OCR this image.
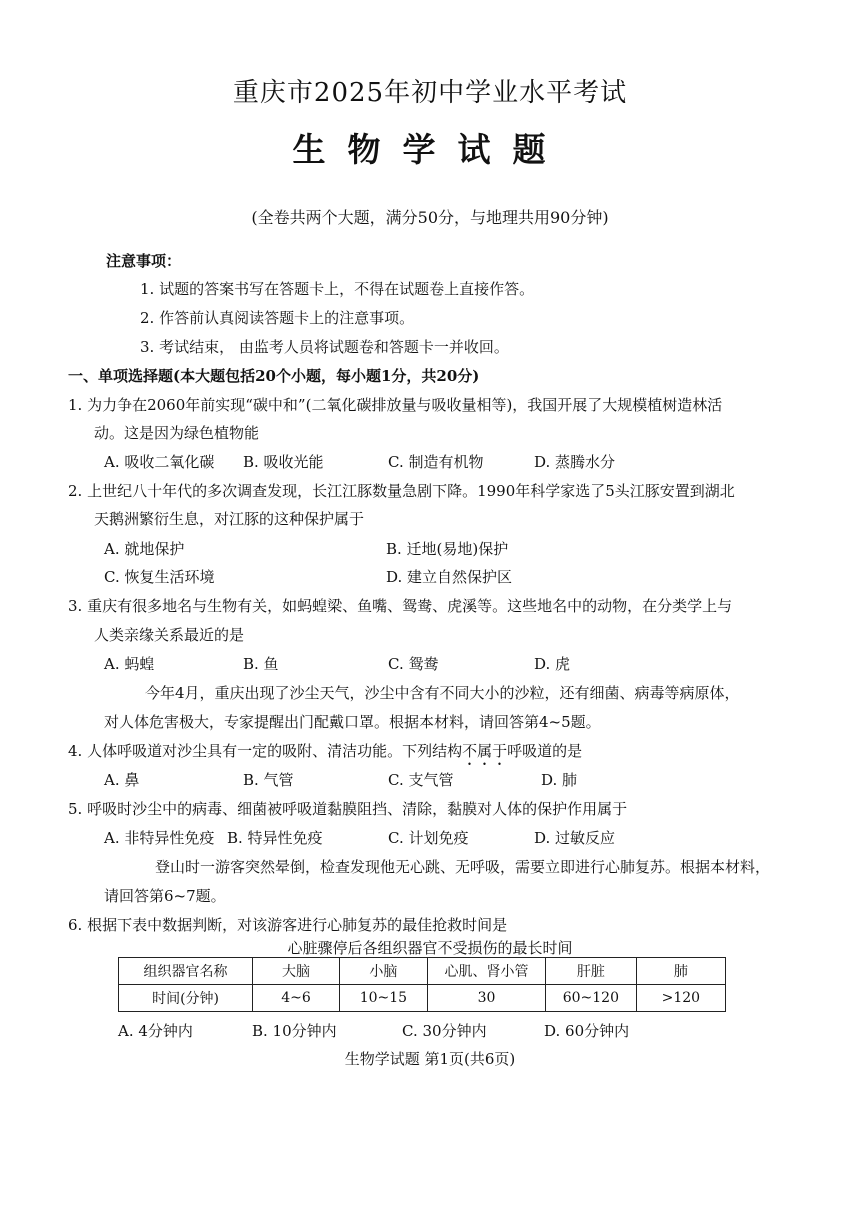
重庆市2025年初中学业水平考试
生物学试题
(全卷共两个大题，满分50分，与地理共用90分钟)
注意事项：
1. 试题的答案书写在答题卡上，不得在试题卷上直接作答。
2. 作答前认真阅读答题卡上的注意事项。
3. 考试结束， 由监考人员将试题卷和答题卡一并收回。
一、单项选择题(本大题包括20个小题，每小题1分，共20分)
1. 为力争在2060年前实现“碳中和”(二氧化碳排放量与吸收量相等)，我国开展了大规模植树造林活
动。这是因为绿色植物能
A. 吸收二氧化碳 B. 吸收光能	C. 制造有机物	D. 蒸腾水分
2. 上世纪八十年代的多次调查发现，长江江豚数量急剧下降。1990年科学家选了5头江豚安置到湖北
天鹅洲繁衍生息，对江豚的这种保护属于
A. 就地保护	B. 迁地(易地)保护
C. 恢复生活环境	D. 建立自然保护区
3. 重庆有很多地名与生物有关，如蚂蝗梁、鱼嘴、鸳鸯、虎溪等。这些地名中的动物，在分类学上与
人类亲缘关系最近的是
A. 蚂蝗	B. 鱼	C. 鸳鸯	D. 虎
今年4月，重庆出现了沙尘天气，沙尘中含有不同大小的沙粒，还有细菌、病毒等病原体，
对人体危害极大，专家提醒出门配戴口罩。根据本材料，请回答第4~5题。
4. 人体呼吸道对沙尘具有一定的吸附、清洁功能。下列结构不属于呼吸道的是
A. 鼻	B. 气管	C. 支气管	D. 肺
5. 呼吸时沙尘中的病毒、细菌被呼吸道黏膜阻挡、清除，黏膜对人体的保护作用属于
A. 非特异性免疫 B. 特异性免疫	C. 计划免疫	D. 过敏反应
登山时一游客突然晕倒，检查发现他无心跳、无呼吸，需要立即进行心肺复苏。根据本材料，
请回答第6~7题。
6. 根据下表中数据判断，对该游客进行心肺复苏的最佳抢救时间是
心脏骤停后各组织器官不受损伤的最长时间
组织器官名称	大脑	小脑	心肌、肾小管	肝脏	肺
时间(分钟)	4~6	10~15	30	60~120	>120
A. 4分钟内	B. 10分钟内	C. 30分钟内	D. 60分钟内
生物学试题 第1页(共6页)
